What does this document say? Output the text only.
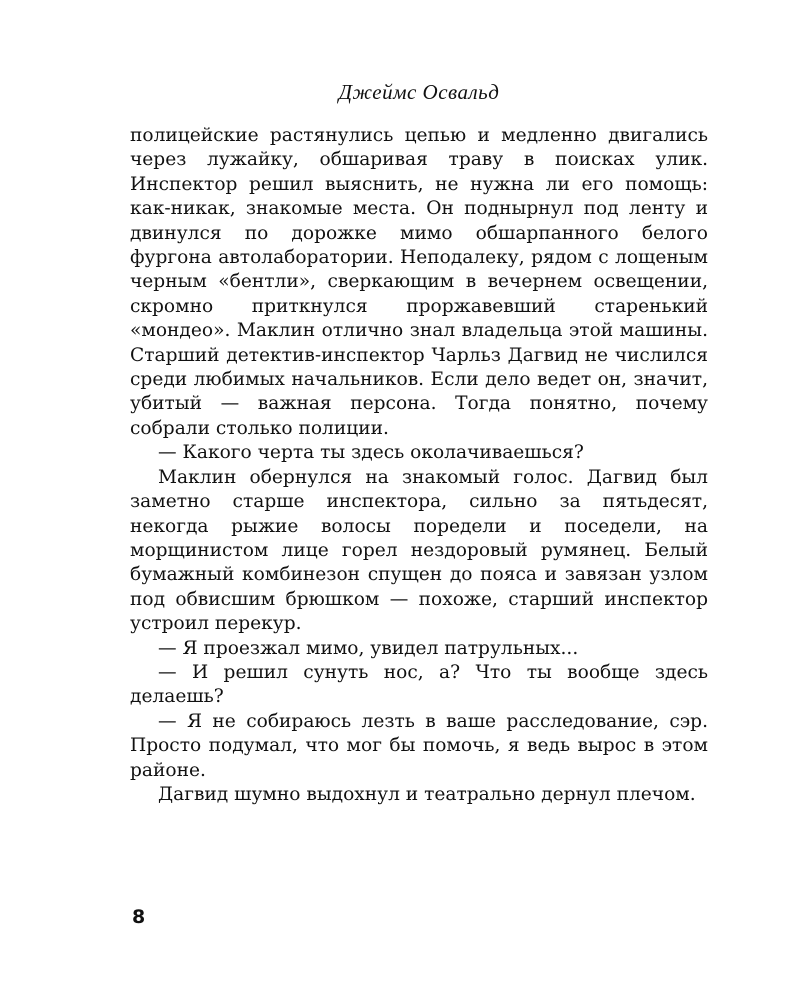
Джеймс Освальд

полицейские растянулись цепью и медленно двигались через лужайку, обшаривая траву в поисках улик. Инспектор решил выяснить, не нужна ли его помощь: как-никак, знакомые места. Он поднырнул под ленту и двинулся по дорожке мимо обшарпанного белого фургона автолаборатории. Неподалеку, рядом с лощеным черным «бентли», сверкающим в вечернем освещении, скромно приткнулся проржавевший старенький «мондео». Маклин отлично знал владельца этой машины. Старший детектив-инспектор Чарльз Дагвид не числился среди любимых начальников. Если дело ведет он, значит, убитый — важная персона. Тогда понятно, почему собрали столько полиции.

— Какого черта ты здесь околачиваешься?

Маклин обернулся на знакомый голос. Дагвид был заметно старше инспектора, сильно за пятьдесят, некогда рыжие волосы поредели и поседели, на морщинистом лице горел нездоровый румянец. Белый бумажный комбинезон спущен до пояса и завязан узлом под обвисшим брюшком — похоже, старший инспектор устроил перекур.

— Я проезжал мимо, увидел патрульных...

— И решил сунуть нос, а? Что ты вообще здесь делаешь?

— Я не собираюсь лезть в ваше расследование, сэр. Просто подумал, что мог бы помочь, я ведь вырос в этом районе.

Дагвид шумно выдохнул и театрально дернул плечом.

8
